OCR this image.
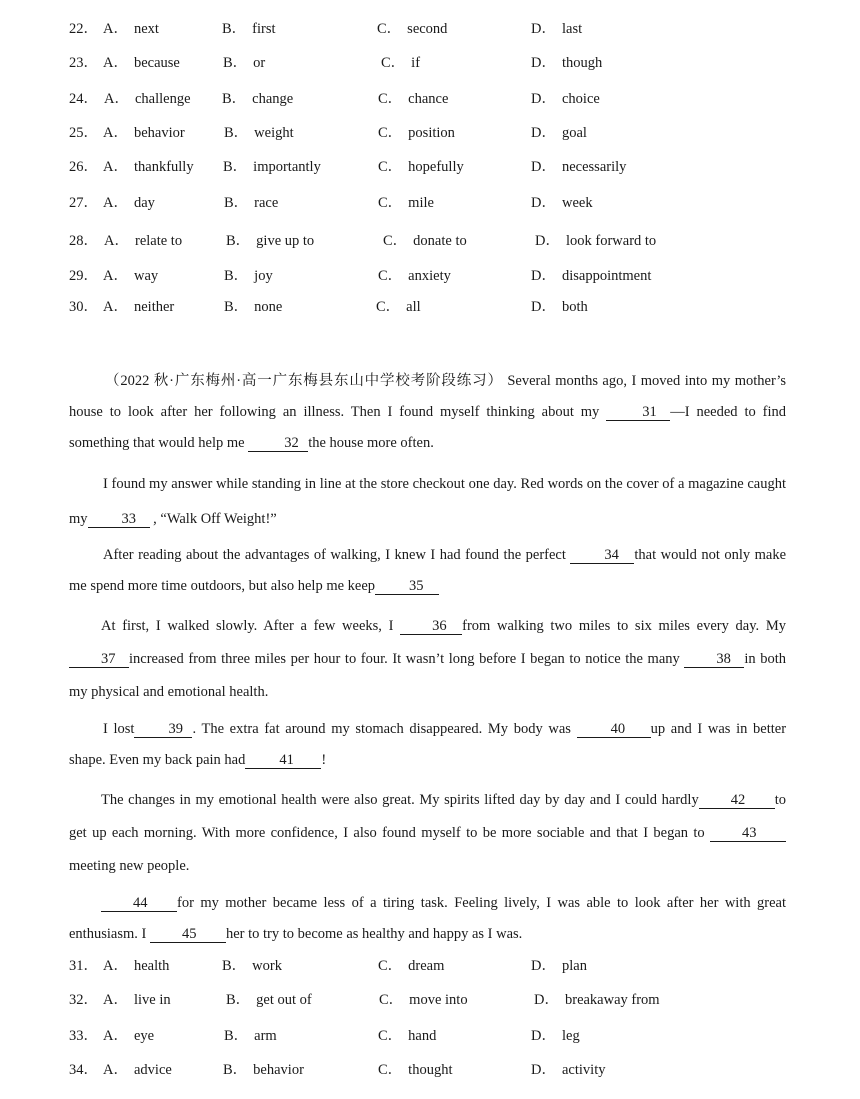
22． A． next	B． first	C． second	D． last
23． A． because	B． or	C． if	D． though
24． A． challenge B． change	C． chance	D． choice
25． A． behavior	B． weight	C． position	D． goal
26． A． thankfully B． importantly	C． hopefully	D． necessarily
27． A． day	B． race	C． mile	D． week
28． A． relate to	B． give up to	C． donate to	D． look forward to
29． A． way	B． joy	C． anxiety	D． disappointment
30． A． neither	B． none	C． all	D． both
（2022 秋·广东梅州·高一广东梅县东山中学校考阶段练习） Several months ago, I moved into my mother’s house to look after her following an illness. Then I found myself thinking about my	31 —I needed to find something that would help me	32 the house more often.
I found my answer while standing in line at the store checkout one day. Red words on the cover of a magazine caught my 33 , “Walk Off Weight!”
After reading about the advantages of walking, I knew I had found the perfect	34 that would not only make me spend more time outdoors, but also help me keep 35
At first, I walked slowly. After a few weeks, I	36 from walking two miles to six miles every day. My 37 increased from three miles per hour to four. It wasn’t long before I began to notice the many	38 in both my physical and emotional health.
I lost 39 . The extra fat around my stomach disappeared. My body was	40 up and I was in better shape. Even my back pain had 41 !
The changes in my emotional health were also great. My spirits lifted day by day and I could hardly 42 to get up each morning. With more confidence, I also found myself to be more sociable and that I began to	43meeting new people.
44 for my mother became less of a tiring task. Feeling lively, I was able to look after her with great enthusiasm. I 45 her to try to become as healthy and happy as I was.
31． A． health	B． work	C． dream	D． plan
32． A． live in	B． get out of	C． move into	D． breakaway from
33． A． eye	B． arm	C． hand	D． leg
34． A． advice	B． behavior	C． thought	D． activity
